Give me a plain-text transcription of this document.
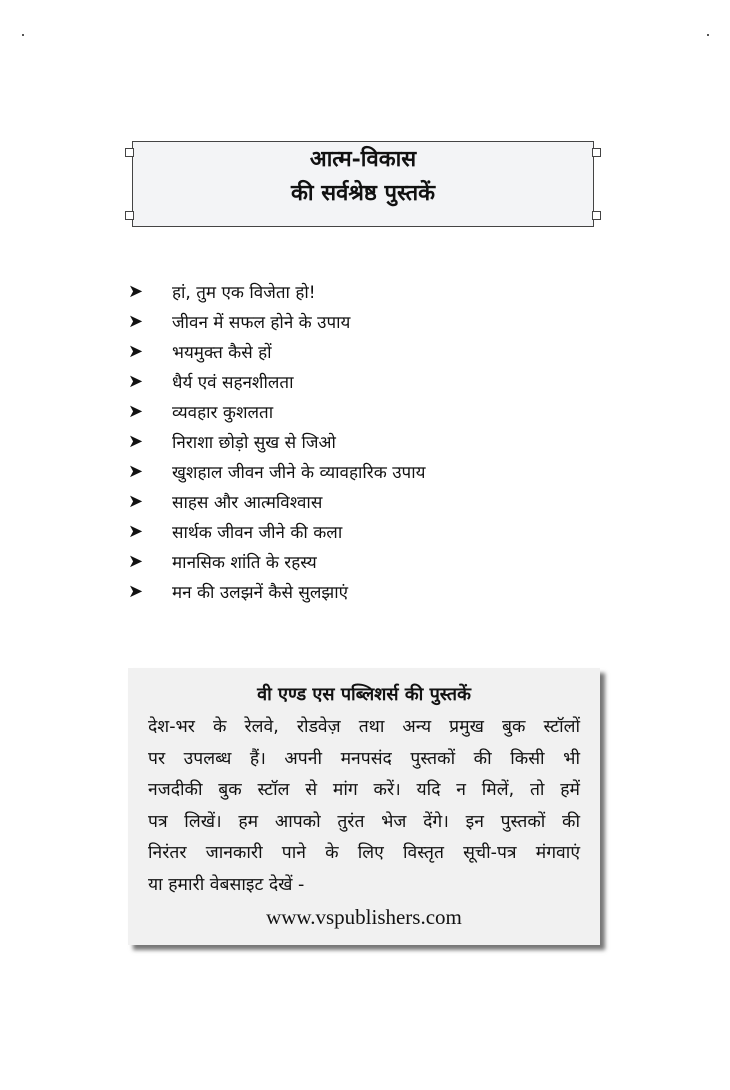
आत्म-विकास
की सर्वश्रेष्ठ पुस्तकें
➤	हां, तुम एक विजेता हो!
➤	जीवन में सफल होने के उपाय
➤	भयमुक्त कैसे हों
➤	धैर्य एवं सहनशीलता
➤	व्यवहार कुशलता
➤	निराशा छोड़ो सुख से जिओ
➤	खुशहाल जीवन जीने के व्यावहारिक उपाय
➤	साहस और आत्मविश्वास
➤	सार्थक जीवन जीने की कला
➤	मानसिक शांति के रहस्य
➤	मन की उलझनें कैसे सुलझाएं
वी एण्ड एस पब्लिशर्स की पुस्तकें
देश-भर के रेलवे, रोडवेज़ तथा अन्य प्रमुख बुक स्टॉलों
पर उपलब्ध हैं। अपनी मनपसंद पुस्तकों की किसी भी
नजदीकी बुक स्टॉल से मांग करें। यदि न मिलें, तो हमें
पत्र लिखें। हम आपको तुरंत भेज देंगे। इन पुस्तकों की
निरंतर जानकारी पाने के लिए विस्तृत सूची-पत्र मंगवाएं
या हमारी वेबसाइट देखें -
www.vspublishers.com
